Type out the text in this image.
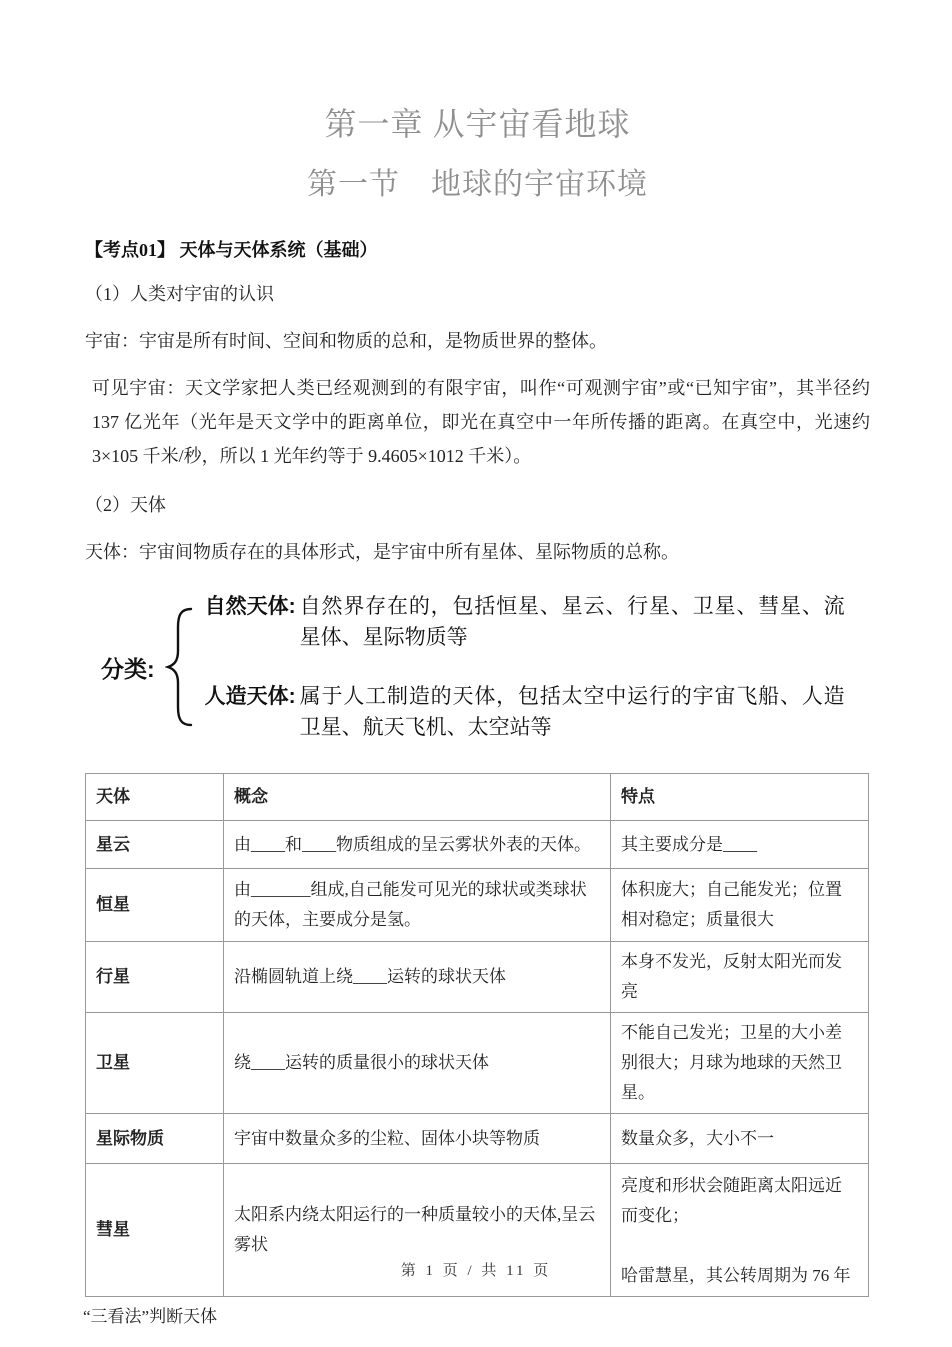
第一章 从宇宙看地球
第一节　地球的宇宙环境
【考点01】 天体与天体系统（基础）

（1）人类对宇宙的认识

宇宙：宇宙是所有时间、空间和物质的总和，是物质世界的整体。

可见宇宙：天文学家把人类已经观测到的有限宇宙，叫作“可观测宇宙”或“已知宇宙”，其半径约 137 亿光年（光年是天文学中的距离单位，即光在真空中一年所传播的距离。在真空中，光速约 3×105 千米/秒，所以 1 光年约等于 9.4605×1012 千米）。

（2）天体

天体：宇宙间物质存在的具体形式，是宇宙中所有星体、星际物质的总称。

分类:
自然天体: 自然界存在的，包括恒星、星云、行星、卫星、彗星、流星体、星际物质等
人造天体: 属于人工制造的天体，包括太空中运行的宇宙飞船、人造卫星、航天飞机、太空站等
天体	概念	特点
星云	由____和____物质组成的呈云雾状外表的天体。	其主要成分是____
恒星	由_______组成,自己能发可见光的球状或类球状的天体，主要成分是氢。	体积庞大；自己能发光；位置相对稳定；质量很大
行星	沿椭圆轨道上绕____运转的球状天体	本身不发光，反射太阳光而发亮
卫星	绕____运转的质量很小的球状天体	不能自己发光；卫星的大小差别很大；月球为地球的天然卫星。
星际物质	宇宙中数量众多的尘粒、固体小块等物质	数量众多，大小不一
彗星	太阳系内绕太阳运行的一种质量较小的天体,呈云雾状	亮度和形状会随距离太阳远近而变化；
哈雷慧星，其公转周期为 76 年

“三看法”判断天体

第 1 页 / 共 11 页
